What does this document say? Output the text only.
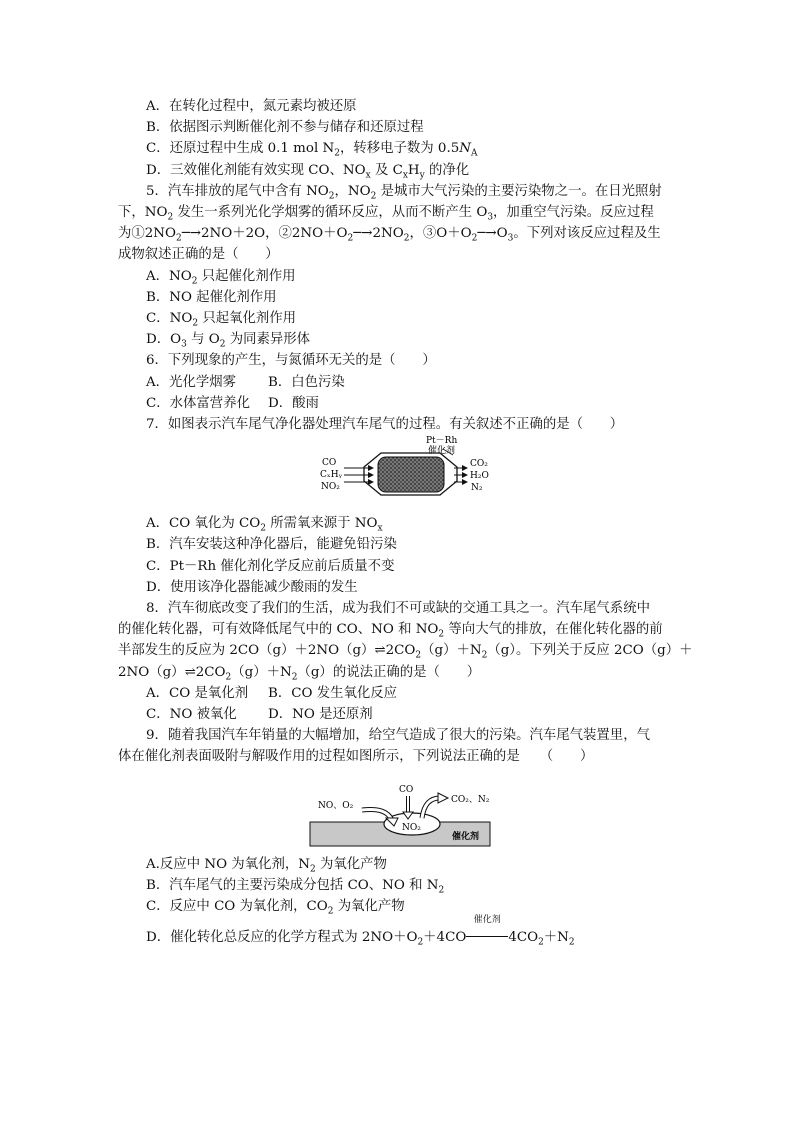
A．在转化过程中，氮元素均被还原
B．依据图示判断催化剂不参与储存和还原过程
C．还原过程中生成 0.1 mol $N_2$，转移电子数为 $0.5N_A$
D．三效催化剂能有效实现 CO、$NO_x$ 及 $C_xH_y$ 的净化
5．汽车排放的尾气中含有 $NO_2$，$NO_2$ 是城市大气污染的主要污染物之一。在日光照射
下，$NO_2$ 发生一系列光化学烟雾的循环反应，从而不断产生 $O_3$，加重空气污染。反应过程
为$①2NO_2─\to 2NO+2O$，$②2NO+O_2─\to 2NO_2$，$③O+O_2─\to O_3$。下列对该反应过程及生
成物叙述正确的是（　　）
A．$NO_2$ 只起催化剂作用
B．NO 起催化剂作用
C．$NO_2$ 只起氧化剂作用
D．$O_3$ 与 $O_2$ 为同素异形体
6．下列现象的产生，与氮循环无关的是（　　）
A．光化学烟雾 B．白色污染
C．水体富营养化 D．酸雨
7．如图表示汽车尾气净化器处理汽车尾气的过程。有关叙述不正确的是（　　）
Pt－Rh
催化剂
CO
CₓHᵧ
NO₂
CO₂
H₂O
N₂
A．CO 氧化为 $CO_2$ 所需氧来源于 $NO_x$
B．汽车安装这种净化器后，能避免铅污染
C．Pt－Rh 催化剂化学反应前后质量不变
D．使用该净化器能减少酸雨的发生
8．汽车彻底改变了我们的生活，成为我们不可或缺的交通工具之一。汽车尾气系统中
的催化转化器，可有效降低尾气中的 CO、NO 和 $NO_2$ 等向大气的排放，在催化转化器的前
半部发生的反应为 $2CO(g)+2NO(g)\rightleftharpoons 2CO_2(g)+N_2(g)$。下列关于反应 2CO（g）＋
$2NO(g)\rightleftharpoons 2CO_2(g)+N_2(g)$的说法正确的是（　　）
A．CO 是氧化剂 B．CO 发生氧化反应
C．NO 被氧化 D．NO 是还原剂
9．随着我国汽车年销量的大幅增加，给空气造成了很大的污染。汽车尾气装置里，气
体在催化剂表面吸附与解吸作用的过程如图所示，下列说法正确的是　　（　　）
NO、O₂
CO
NO₂
CO₂、N₂
催化剂
A.反应中 NO 为氧化剂，$N_2$ 为氧化产物
B．汽车尾气的主要污染成分包括 CO、NO 和 $N_2$
C．反应中 CO 为氧化剂，$CO_2$ 为氧化产物
D．催化转化总反应的化学方程式为 $2NO+O_2+4CO$
催化剂
$4CO_2+N_2$
